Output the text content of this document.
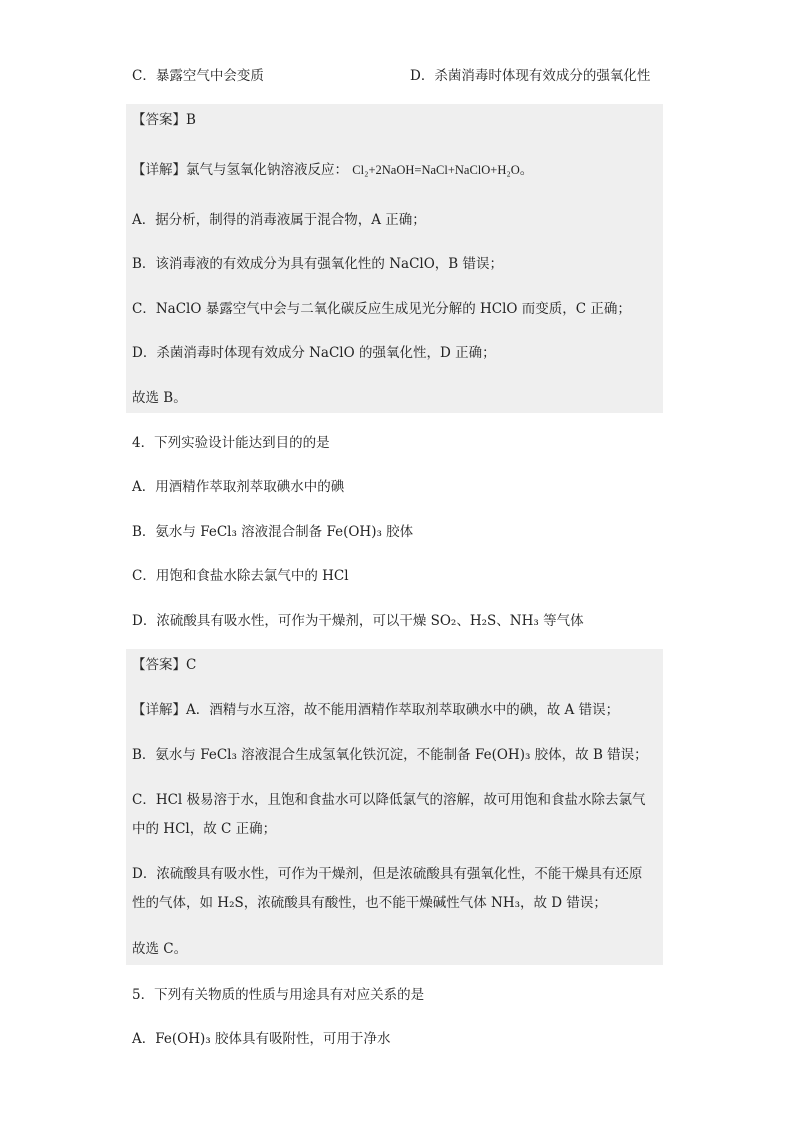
C．暴露空气中会变质	D．杀菌消毒时体现有效成分的强氧化性
【答案】B
【详解】氯气与氢氧化钠溶液反应： Cl₂+2NaOH=NaCl+NaClO+H₂O。
A．据分析，制得的消毒液属于混合物，A 正确；
B．该消毒液的有效成分为具有强氧化性的 NaClO，B 错误；
C．NaClO 暴露空气中会与二氧化碳反应生成见光分解的 HClO 而变质，C 正确；
D．杀菌消毒时体现有效成分 NaClO 的强氧化性，D 正确；
故选 B。
4．下列实验设计能达到目的的是
A．用酒精作萃取剂萃取碘水中的碘
B．氨水与 FeCl₃ 溶液混合制备 Fe(OH)₃ 胶体
C．用饱和食盐水除去氯气中的 HCl
D．浓硫酸具有吸水性，可作为干燥剂，可以干燥 SO₂、H₂S、NH₃ 等气体
【答案】C
【详解】A．酒精与水互溶，故不能用酒精作萃取剂萃取碘水中的碘，故 A 错误；
B．氨水与 FeCl₃ 溶液混合生成氢氧化铁沉淀，不能制备 Fe(OH)₃ 胶体，故 B 错误；
C．HCl 极易溶于水，且饱和食盐水可以降低氯气的溶解，故可用饱和食盐水除去氯气
中的 HCl，故 C 正确；
D．浓硫酸具有吸水性，可作为干燥剂，但是浓硫酸具有强氧化性，不能干燥具有还原
性的气体，如 H₂S，浓硫酸具有酸性，也不能干燥碱性气体 NH₃，故 D 错误；
故选 C。
5．下列有关物质的性质与用途具有对应关系的是
A．Fe(OH)₃ 胶体具有吸附性，可用于净水
